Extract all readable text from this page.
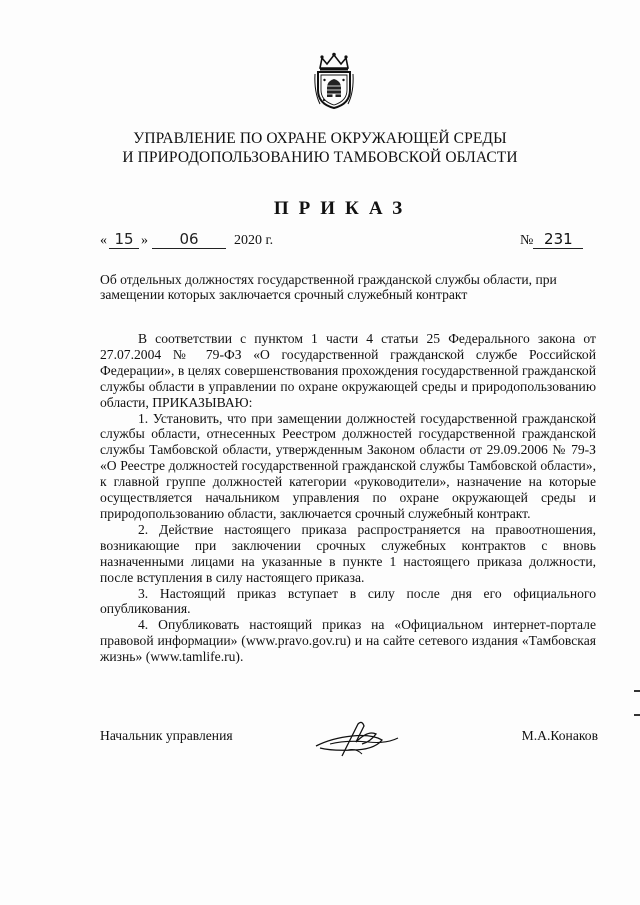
УПРАВЛЕНИЕ ПО ОХРАНЕ ОКРУЖАЮЩЕЙ СРЕДЫ
И ПРИРОДОПОЛЬЗОВАНИЮ ТАМБОВСКОЙ ОБЛАСТИ
ПРИКАЗ
« 15 » 06	2020 г.	№ 231
Об отдельных должностях государственной гражданской службы области, при замещении которых заключается срочный служебный контракт

В соответствии с пунктом 1 части 4 статьи 25 Федерального закона от 27.07.2004 № 79-ФЗ «О государственной гражданской службе Российской Федерации», в целях совершенствования прохождения государственной гражданской службы области в управлении по охране окружающей среды и природопользованию области, ПРИКАЗЫВАЮ:

1. Установить, что при замещении должностей государственной гражданской службы области, отнесенных Реестром должностей государственной гражданской службы Тамбовской области, утвержденным Законом области от 29.09.2006 № 79-З «О Реестре должностей государственной гражданской службы Тамбовской области», к главной группе должностей категории «руководители», назначение на которые осуществляется начальником управления по охране окружающей среды и природопользованию области, заключается срочный служебный контракт.

2. Действие настоящего приказа распространяется на правоотношения, возникающие при заключении срочных служебных контрактов с вновь назначенными лицами на указанные в пункте 1 настоящего приказа должности, после вступления в силу настоящего приказа.

3. Настоящий приказ вступает в силу после дня его официального опубликования.

4. Опубликовать настоящий приказ на «Официальном интернет-портале правовой информации» (www.pravo.gov.ru) и на сайте сетевого издания «Тамбовская жизнь» (www.tamlife.ru).

Начальник управления	М.А.Конаков
